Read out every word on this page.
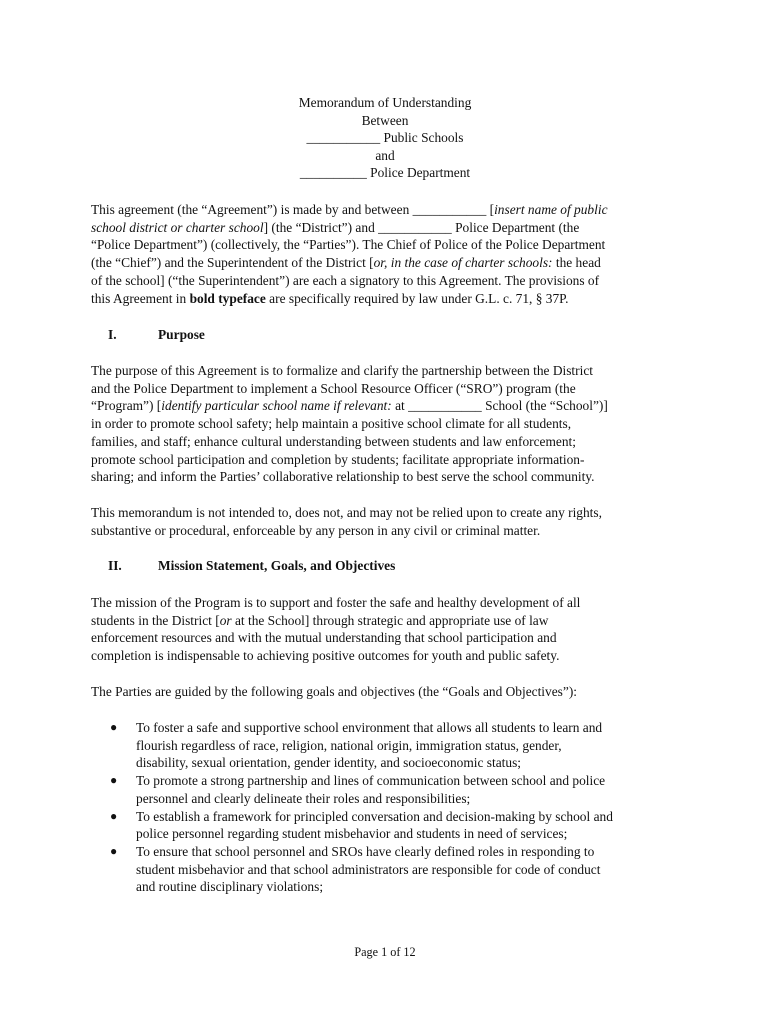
Memorandum of Understanding
Between
___________ Public Schools
and
__________ Police Department
This agreement (the “Agreement”) is made by and between ___________ [insert name of public
school district or charter school] (the “District”) and ___________ Police Department (the
“Police Department”) (collectively, the “Parties”). The Chief of Police of the Police Department
(the “Chief”) and the Superintendent of the District [or, in the case of charter schools: the head
of the school] (“the Superintendent”) are each a signatory to this Agreement. The provisions of
this Agreement in bold typeface are specifically required by law under G.L. c. 71, § 37P.
I.	Purpose
The purpose of this Agreement is to formalize and clarify the partnership between the District
and the Police Department to implement a School Resource Officer (“SRO”) program (the
“Program”) [identify particular school name if relevant: at ___________ School (the “School”)]
in order to promote school safety; help maintain a positive school climate for all students,
families, and staff; enhance cultural understanding between students and law enforcement;
promote school participation and completion by students; facilitate appropriate information-
sharing; and inform the Parties’ collaborative relationship to best serve the school community.
This memorandum is not intended to, does not, and may not be relied upon to create any rights,
substantive or procedural, enforceable by any person in any civil or criminal matter.
II.	Mission Statement, Goals, and Objectives
The mission of the Program is to support and foster the safe and healthy development of all
students in the District [or at the School] through strategic and appropriate use of law
enforcement resources and with the mutual understanding that school participation and
completion is indispensable to achieving positive outcomes for youth and public safety.
The Parties are guided by the following goals and objectives (the “Goals and Objectives”):
● To foster a safe and supportive school environment that allows all students to learn and
flourish regardless of race, religion, national origin, immigration status, gender,
disability, sexual orientation, gender identity, and socioeconomic status;
● To promote a strong partnership and lines of communication between school and police
personnel and clearly delineate their roles and responsibilities;
● To establish a framework for principled conversation and decision-making by school and
police personnel regarding student misbehavior and students in need of services;
● To ensure that school personnel and SROs have clearly defined roles in responding to
student misbehavior and that school administrators are responsible for code of conduct
and routine disciplinary violations;
Page 1 of 12
